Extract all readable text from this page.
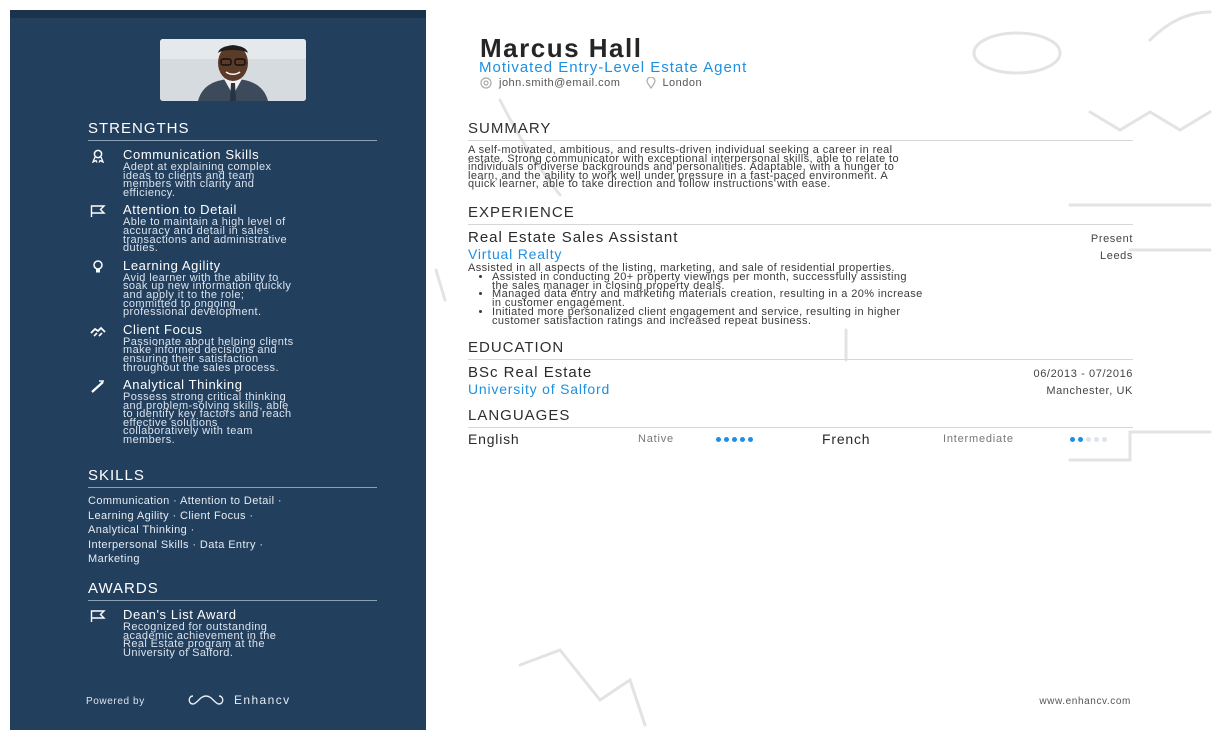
STRENGTHS
Communication Skills
Adept at explaining complex
ideas to clients and team
members with clarity and
efficiency.
Attention to Detail
Able to maintain a high level of
accuracy and detail in sales
transactions and administrative
duties.
Learning Agility
Avid learner with the ability to
soak up new information quickly
and apply it to the role;
committed to ongoing
professional development.
Client Focus
Passionate about helping clients
make informed decisions and
ensuring their satisfaction
throughout the sales process.
Analytical Thinking
Possess strong critical thinking
and problem-solving skills, able
to identify key factors and reach
effective solutions
collaboratively with team
members.
SKILLS
Communication · Attention to Detail ·
Learning Agility · Client Focus ·
Analytical Thinking ·
Interpersonal Skills · Data Entry ·
Marketing
AWARDS
Dean's List Award
Recognized for outstanding
academic achievement in the
Real Estate program at the
University of Salford.
Powered by	Enhancv
Marcus Hall
Motivated Entry-Level Estate Agent
john.smith@email.com	London
SUMMARY
A self-motivated, ambitious, and results-driven individual seeking a career in real
estate. Strong communicator with exceptional interpersonal skills, able to relate to
individuals of diverse backgrounds and personalities. Adaptable, with a hunger to
learn, and the ability to work well under pressure in a fast-paced environment. A
quick learner, able to take direction and follow instructions with ease.
EXPERIENCE
Real Estate Sales Assistant	Present
Virtual Realty	Leeds
Assisted in all aspects of the listing, marketing, and sale of residential properties.
• Assisted in conducting 20+ property viewings per month, successfully assisting
the sales manager in closing property deals.
• Managed data entry and marketing materials creation, resulting in a 20% increase
in customer engagement.
• Initiated more personalized client engagement and service, resulting in higher
customer satisfaction ratings and increased repeat business.
EDUCATION
BSc Real Estate	06/2013 - 07/2016
University of Salford	Manchester, UK
LANGUAGES
English	Native	French	Intermediate
www.enhancv.com
